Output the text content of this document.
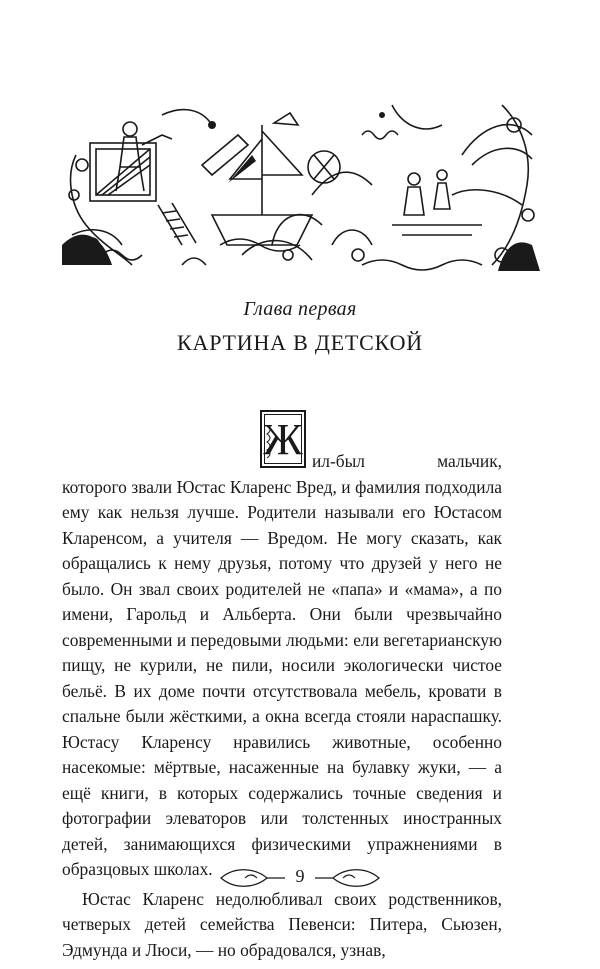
Глава первая
КАРТИНА В ДЕТСКОЙ
Ж ил-был мальчик, которого звали Юстас Кларенс Вред, и фамилия подходила ему как нельзя лучше. Родители называли его Юстасом Кларенсом, а учителя — Вредом. Не могу сказать, как обращались к нему друзья, потому что друзей у него не было. Он звал своих родителей не «папа» и «мама», а по имени, Гарольд и Альберта. Они были чрезвычайно современными и передовыми людьми: ели вегетарианскую пищу, не курили, не пили, носили экологически чистое бельё. В их доме почти отсутствовала мебель, кровати в спальне были жёсткими, а окна всегда стояли нараспашку. Юстасу Кларенсу нравились животные, особенно насекомые: мёртвые, насаженные на булавку жуки, — а ещё книги, в которых содержались точные сведения и фотографии элеваторов или толстенных иностранных детей, занимающихся физическими упражнениями в образцовых школах.

Юстас Кларенс недолюбливал своих родственников, четверых детей семейства Певенси: Питера, Сьюзен, Эдмунда и Люси, — но обрадовался, узнав,

9
